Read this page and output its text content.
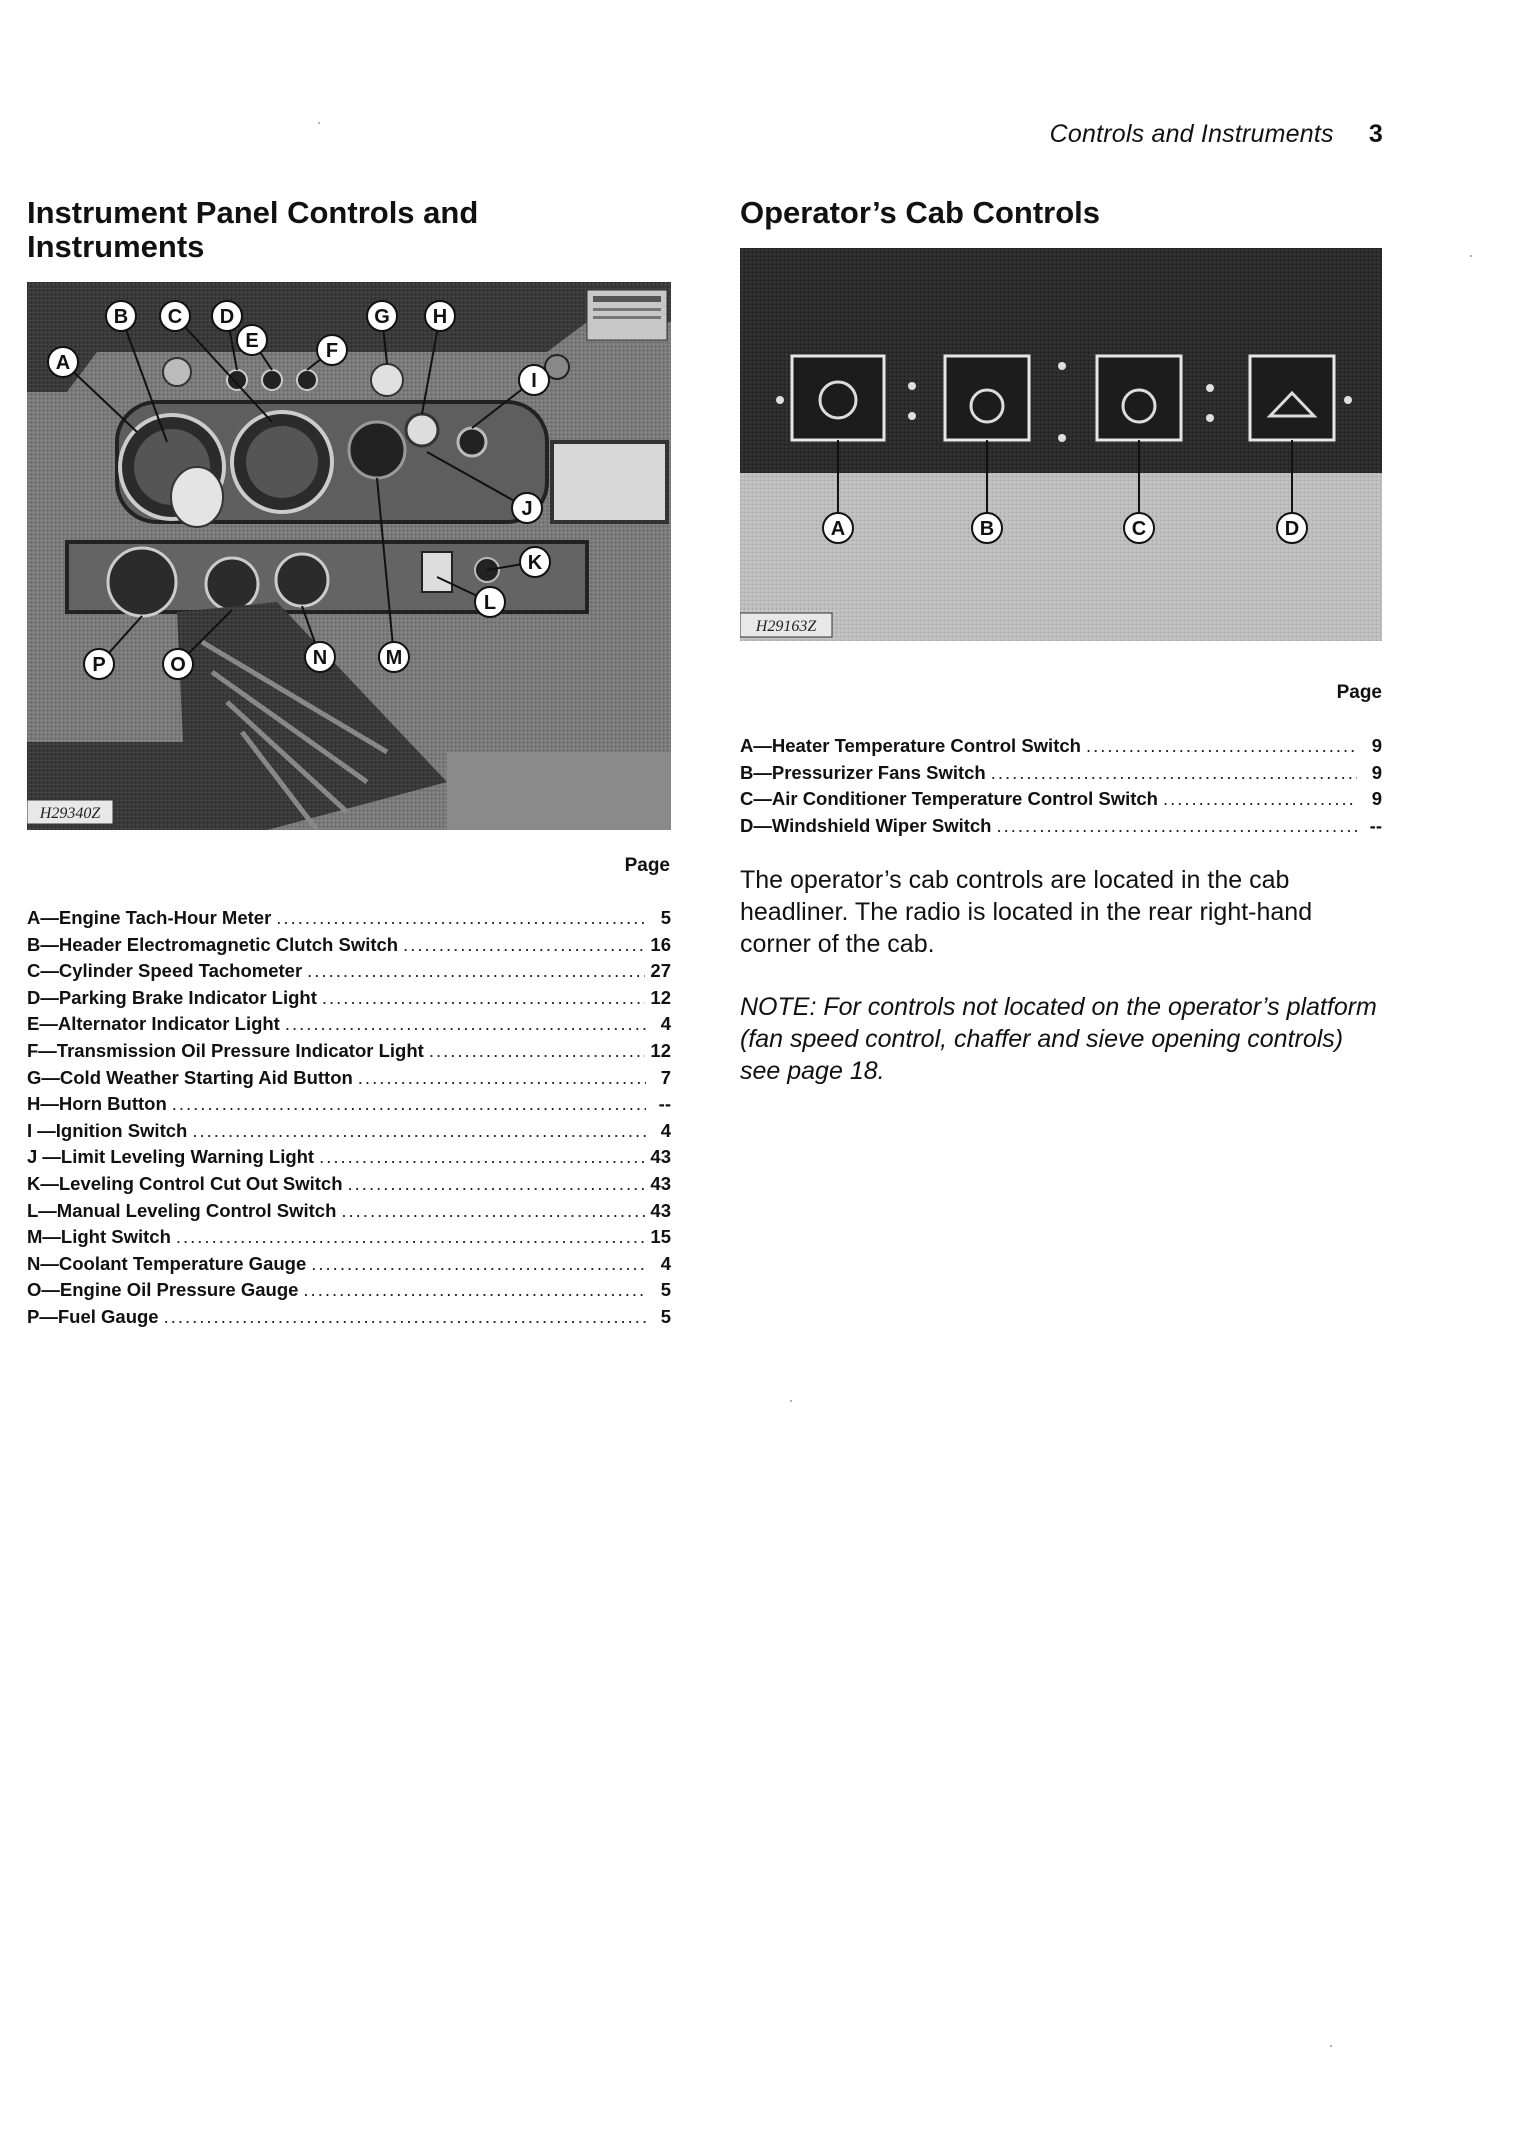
Controls and Instruments 3
Instrument Panel Controls and
Instruments
A
B C D
E	F
G H
I
J
K
L
M
N
O
P
H29340Z
Page
A—Engine Tach-Hour Meter .....	5
B—Header Electromagnetic Clutch Switch .....	16
C—Cylinder Speed Tachometer .....	27
D—Parking Brake Indicator Light .....	12
E—Alternator Indicator Light .....	4
F—Transmission Oil Pressure Indicator Light .....	12
G—Cold Weather Starting Aid Button .....	7
H—Horn Button .....	--
I —Ignition Switch .....	4
J —Limit Leveling Warning Light .....	43
K—Leveling Control Cut Out Switch .....	43
L—Manual Leveling Control Switch .....	43
M—Light Switch .....	15
N—Coolant Temperature Gauge .....	4
O—Engine Oil Pressure Gauge .....	5
P—Fuel Gauge .....	5
Operator’s Cab Controls
A	B	C	D
H29163Z
Page
A—Heater Temperature Control Switch .....	9
B—Pressurizer Fans Switch .....	9
C—Air Conditioner Temperature Control Switch .....	9
D—Windshield Wiper Switch .....	--

The operator’s cab controls are located in the cab headliner. The radio is located in the rear right-hand corner of the cab.

NOTE: For controls not located on the operator’s platform (fan speed control, chaffer and sieve opening controls) see page 18.
